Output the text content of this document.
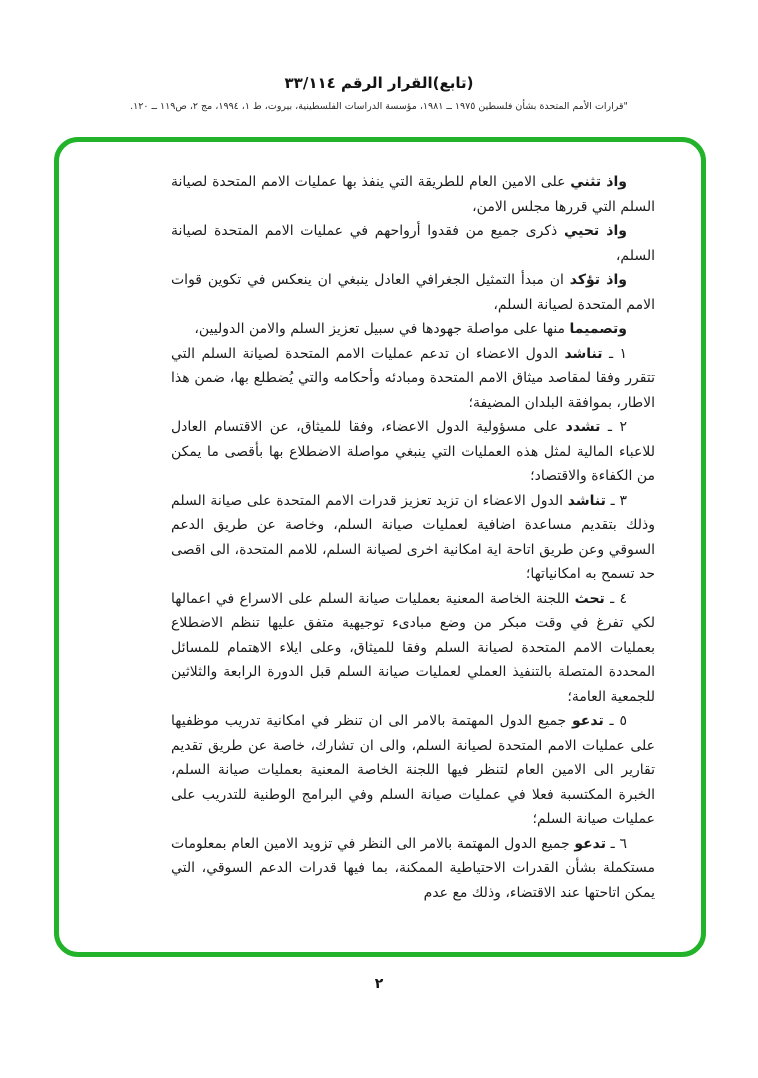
(تابع)القرار الرقم ٣٣/١١٤
"قرارات الأمم المتحدة بشأن فلسطين ١٩٧٥ ــ ١٩٨١، مؤسسة الدراسات الفلسطينية، بيروت، ط ١، ١٩٩٤، مج ٢، ص١١٩ ــ ١٢٠.

واذ تثني على الامين العام للطريقة التي ينفذ بها عمليات الامم المتحدة لصيانة السلم التي قررها مجلس الامن،

واذ تحيي ذكرى جميع من فقدوا أرواحهم في عمليات الامم المتحدة لصيانة السلم،

واذ تؤكد ان مبدأ التمثيل الجغرافي العادل ينبغي ان ينعكس في تكوين قوات الامم المتحدة لصيانة السلم،

وتصميما منها على مواصلة جهودها في سبيل تعزيز السلم والامن الدوليين،

١ ـ تناشد الدول الاعضاء ان تدعم عمليات الامم المتحدة لصيانة السلم التي تتقرر وفقا لمقاصد ميثاق الامم المتحدة ومبادئه وأحكامه والتي يُضطلع بها، ضمن هذا الاطار، بموافقة البلدان المضيفة؛

٢ ـ تشدد على مسؤولية الدول الاعضاء، وفقا للميثاق، عن الاقتسام العادل للاعباء المالية لمثل هذه العمليات التي ينبغي مواصلة الاضطلاع بها بأقصى ما يمكن من الكفاءة والاقتصاد؛

٣ ـ تناشد الدول الاعضاء ان تزيد تعزيز قدرات الامم المتحدة على صيانة السلم وذلك بتقديم مساعدة اضافية لعمليات صيانة السلم، وخاصة عن طريق الدعم السوقي وعن طريق اتاحة اية امكانية اخرى لصيانة السلم، للامم المتحدة، الى اقصى حد تسمح به امكانياتها؛

٤ ـ تحث اللجنة الخاصة المعنية بعمليات صيانة السلم على الاسراع في اعمالها لكي تفرغ في وقت مبكر من وضع مبادىء توجيهية متفق عليها تنظم الاضطلاع بعمليات الامم المتحدة لصيانة السلم وفقا للميثاق، وعلى ايلاء الاهتمام للمسائل المحددة المتصلة بالتنفيذ العملي لعمليات صيانة السلم قبل الدورة الرابعة والثلاثين للجمعية العامة؛

٥ ـ تدعو جميع الدول المهتمة بالامر الى ان تنظر في امكانية تدريب موظفيها على عمليات الامم المتحدة لصيانة السلم، والى ان تشارك، خاصة عن طريق تقديم تقارير الى الامين العام لتنظر فيها اللجنة الخاصة المعنية بعمليات صيانة السلم، الخبرة المكتسبة فعلا في عمليات صيانة السلم وفي البرامج الوطنية للتدريب على عمليات صيانة السلم؛

٦ ـ تدعو جميع الدول المهتمة بالامر الى النظر في تزويد الامين العام بمعلومات مستكملة بشأن القدرات الاحتياطية الممكنة، بما فيها قدرات الدعم السوقي، التي يمكن اتاحتها عند الاقتضاء، وذلك مع عدم

٢
